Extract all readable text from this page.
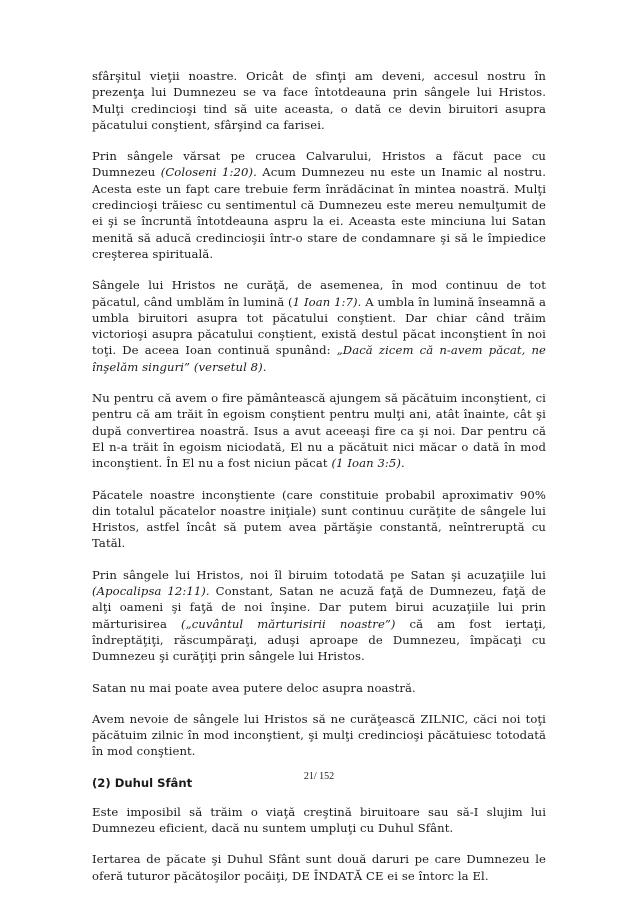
sfârşitul vieţii noastre. Oricât de sfinţi am deveni, accesul nostru în prezenţa lui Dumnezeu se va face întotdeauna prin sângele lui Hristos. Mulţi credincioşi tind să uite aceasta, o dată ce devin biruitori asupra păcatului conştient, sfârşind ca farisei.

Prin sângele vărsat pe crucea Calvarului, Hristos a făcut pace cu Dumnezeu (Coloseni 1:20). Acum Dumnezeu nu este un Inamic al nostru. Acesta este un fapt care trebuie ferm înrădăcinat în mintea noastră. Mulţi credincioşi trăiesc cu sentimentul că Dumnezeu este mereu nemulţumit de ei şi se încruntă întotdeauna aspru la ei. Aceasta este minciuna lui Satan menită să aducă credincioşii într-o stare de condamnare şi să le împiedice creşterea spirituală.

Sângele lui Hristos ne curăţă, de asemenea, în mod continuu de tot păcatul, când umblăm în lumină (1 Ioan 1:7). A umbla în lumină înseamnă a umbla biruitori asupra tot păcatului conştient. Dar chiar când trăim victorioşi asupra păcatului conştient, există destul păcat inconştient în noi toţi. De aceea Ioan continuă spunând: „Dacă zicem că n-avem păcat, ne înşelăm singuri” (versetul 8).

Nu pentru că avem o fire pământească ajungem să păcătuim inconştient, ci pentru că am trăit în egoism conştient pentru mulţi ani, atât înainte, cât şi după convertirea noastră. Isus a avut aceeaşi fire ca şi noi. Dar pentru că El n-a trăit în egoism niciodată, El nu a păcătuit nici măcar o dată în mod inconştient. În El nu a fost niciun păcat (1 Ioan 3:5).

Păcatele noastre inconştiente (care constituie probabil aproximativ 90% din totalul păcatelor noastre iniţiale) sunt continuu curăţite de sângele lui Hristos, astfel încât să putem avea părtăşie constantă, neîntreruptă cu Tatăl.

Prin sângele lui Hristos, noi îl biruim totodată pe Satan şi acuzaţiile lui (Apocalipsa 12:11). Constant, Satan ne acuză faţă de Dumnezeu, faţă de alţi oameni şi faţă de noi înşine. Dar putem birui acuzaţiile lui prin mărturisirea („cuvântul mărturisirii noastre”) că am fost iertaţi, îndreptăţiţi, răscumpăraţi, aduşi aproape de Dumnezeu, împăcaţi cu Dumnezeu şi curăţiţi prin sângele lui Hristos.

Satan nu mai poate avea putere deloc asupra noastră.

Avem nevoie de sângele lui Hristos să ne curăţească ZILNIC, căci noi toţi păcătuim zilnic în mod inconştient, şi mulţi credincioşi păcătuiesc totodată în mod conştient.

(2) Duhul Sfânt

Este imposibil să trăim o viaţă creştină biruitoare sau să-I slujim lui Dumnezeu eficient, dacă nu suntem umpluţi cu Duhul Sfânt.

Iertarea de păcate şi Duhul Sfânt sunt două daruri pe care Dumnezeu le oferă tuturor păcătoşilor pocăiţi, DE ÎNDATĂ CE ei se întorc la El.

21/ 152
